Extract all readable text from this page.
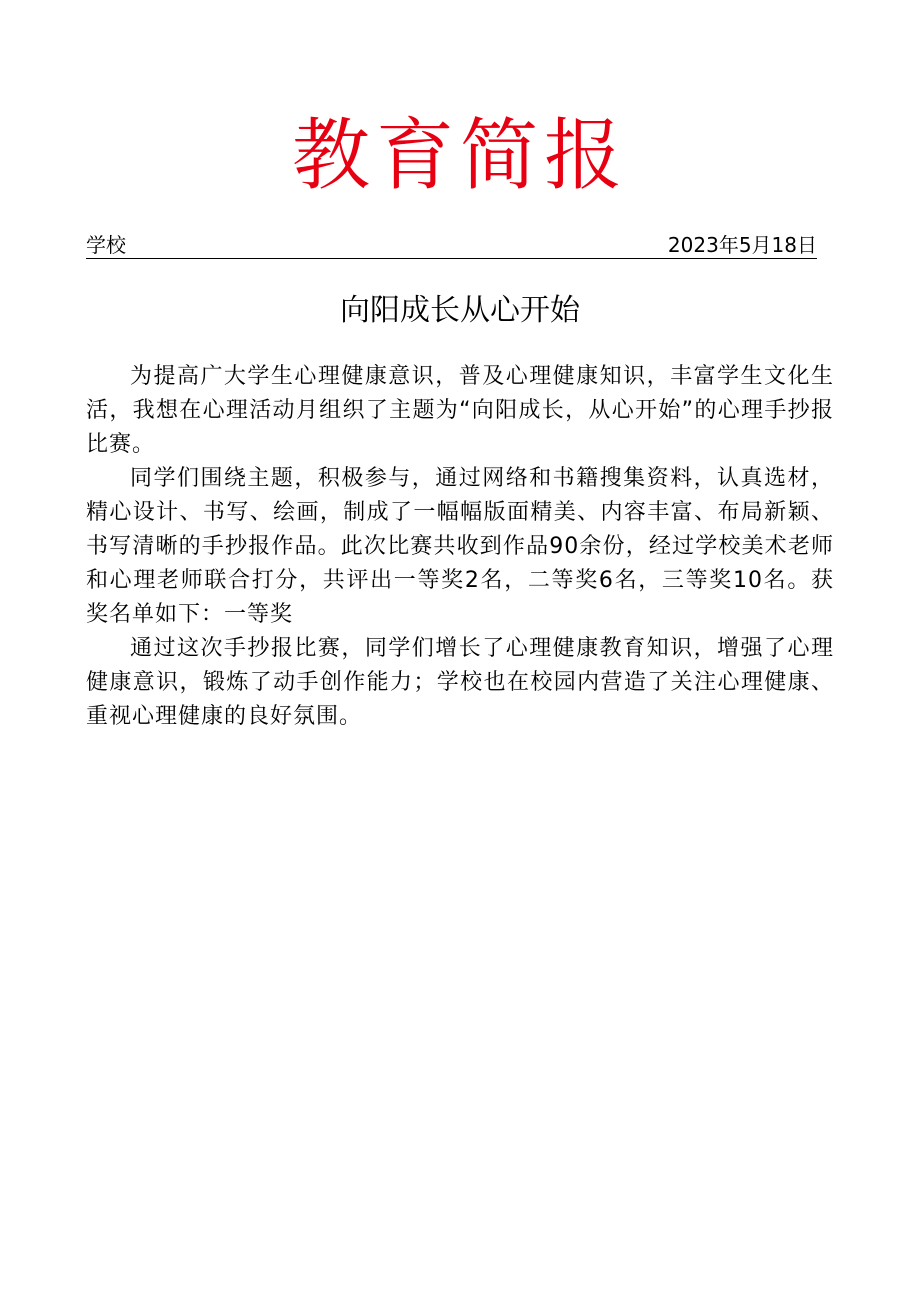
教育简报
学校	2023年5月18日
向阳成长从心开始

为提高广大学生心理健康意识，普及心理健康知识，丰富学生文化生活，我想在心理活动月组织了主题为“向阳成长，从心开始”的心理手抄报比赛。

同学们围绕主题，积极参与，通过网络和书籍搜集资料，认真选材，精心设计、书写、绘画，制成了一幅幅版面精美、内容丰富、布局新颖、书写清晰的手抄报作品。此次比赛共收到作品90余份，经过学校美术老师和心理老师联合打分，共评出一等奖2名，二等奖6名，三等奖10名。获奖名单如下：一等奖

通过这次手抄报比赛，同学们增长了心理健康教育知识，增强了心理健康意识，锻炼了动手创作能力；学校也在校园内营造了关注心理健康、重视心理健康的良好氛围。
